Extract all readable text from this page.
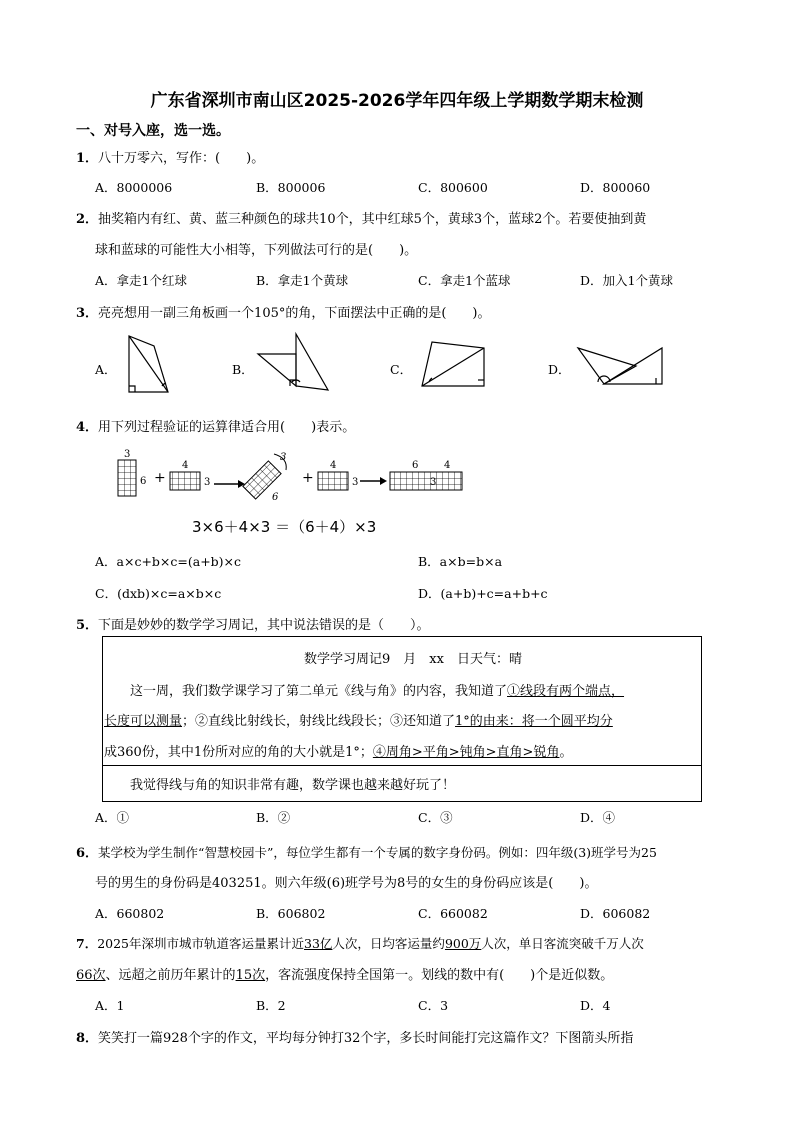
广东省深圳市南山区2025-2026学年四年级上学期数学期末检测
一、对号入座，选一选。
1．八十万零六，写作：(　　)。
A．8000006	B．800006	C．800600	D．800060
2．抽奖箱内有红、黄、蓝三种颜色的球共10个，其中红球5个，黄球3个，蓝球2个。若要使抽到黄
球和蓝球的可能性大小相等，下列做法可行的是(　　)。
A．拿走1个红球	B．拿走1个黄球	C．拿走1个蓝球	D．加入1个黄球
3．亮亮想用一副三角板画一个105°的角，下面摆法中正确的是(　　)。
A．	B．	C．	D．
4．用下列过程验证的运算律适合用(　　)表示。
3
6 +
4
3
3
6
+
4
3
6	4
3
3×6＋4×3 ＝（6＋4）×3
A．a×c+b×c=(a+b)×c	B．a×b=b×a
C．(dxb)×c=a×b×c	D．(a+b)+c=a+b+c
5．下面是妙妙的数学学习周记，其中说法错误的是（　　）。
数学学习周记9　月　xx　日天气：晴
这一周，我们数学课学习了第二单元《线与角》的内容，我知道了①线段有两个端点，
长度可以测量；②直线比射线长，射线比线段长；③还知道了1°的由来：将一个圆平均分
成360份，其中1份所对应的角的大小就是1°；④周角>平角>钝角>直角>锐角。
我觉得线与角的知识非常有趣，数学课也越来越好玩了！
A．①	B．②	C．③	D．④
6．某学校为学生制作“智慧校园卡”，每位学生都有一个专属的数字身份码。例如：四年级(3)班学号为25
号的男生的身份码是403251。则六年级(6)班学号为8号的女生的身份码应该是(　　)。
A．660802	B．606802	C．660082	D．606082
7．2025年深圳市城市轨道客运量累计近33亿人次，日均客运量约900万人次，单日客流突破千万人次
66次、远超之前历年累计的15次，客流强度保持全国第一。划线的数中有(　　)个是近似数。
A．1	B．2	C．3	D．4
8．笑笑打一篇928个字的作文，平均每分钟打32个字，多长时间能打完这篇作文？下图箭头所指
